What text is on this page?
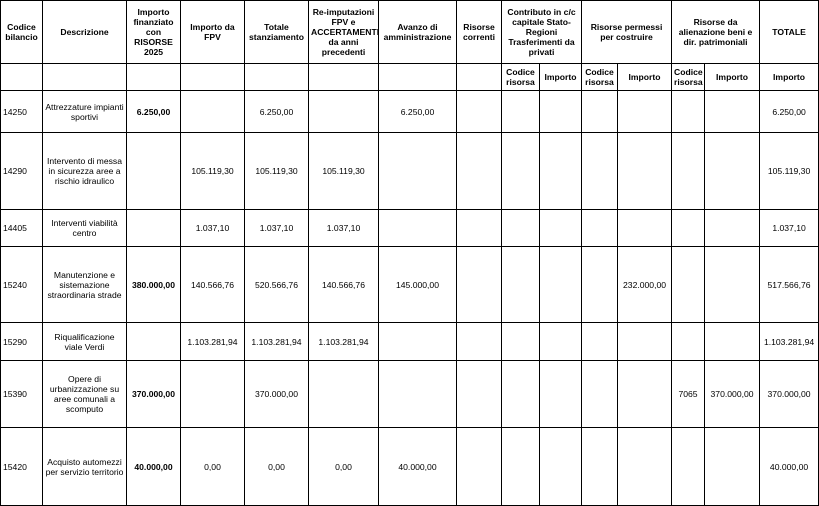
Codice bilancio	Descrizione	Importo finanziato con RISORSE 2025	Importo da FPV	Totale stanziamento	Re-imputazioni FPV e ACCERTAMENTI da anni precedenti	Avanzo di amministrazione	Risorse correnti	Contributo in c/c capitale Stato-Regioni Trasferimenti da privati		Risorse permessi per costruire		Risorse da alienazione beni e dir. patrimoniali		TOTALE
								Codice risorsa	Importo	Codice risorsa	Importo	Codice risorsa	Importo	Importo
14250	Attrezzature impianti sportivi	6.250,00		6.250,00		6.250,00								6.250,00
14290	Intervento di messa in sicurezza aree a rischio idraulico		105.119,30	105.119,30	105.119,30									105.119,30
14405	Interventi viabilità centro		1.037,10	1.037,10	1.037,10									1.037,10
15240	Manutenzione e sistemazione straordinaria strade	380.000,00	140.566,76	520.566,76	140.566,76	145.000,00					232.000,00			517.566,76
15290	Riqualificazione viale Verdi		1.103.281,94	1.103.281,94	1.103.281,94									1.103.281,94
15390	Opere di urbanizzazione su aree comunali a scomputo	370.000,00		370.000,00								7065	370.000,00	370.000,00
15420	Acquisto automezzi per servizio territorio	40.000,00	0,00	0,00	0,00	40.000,00								40.000,00
